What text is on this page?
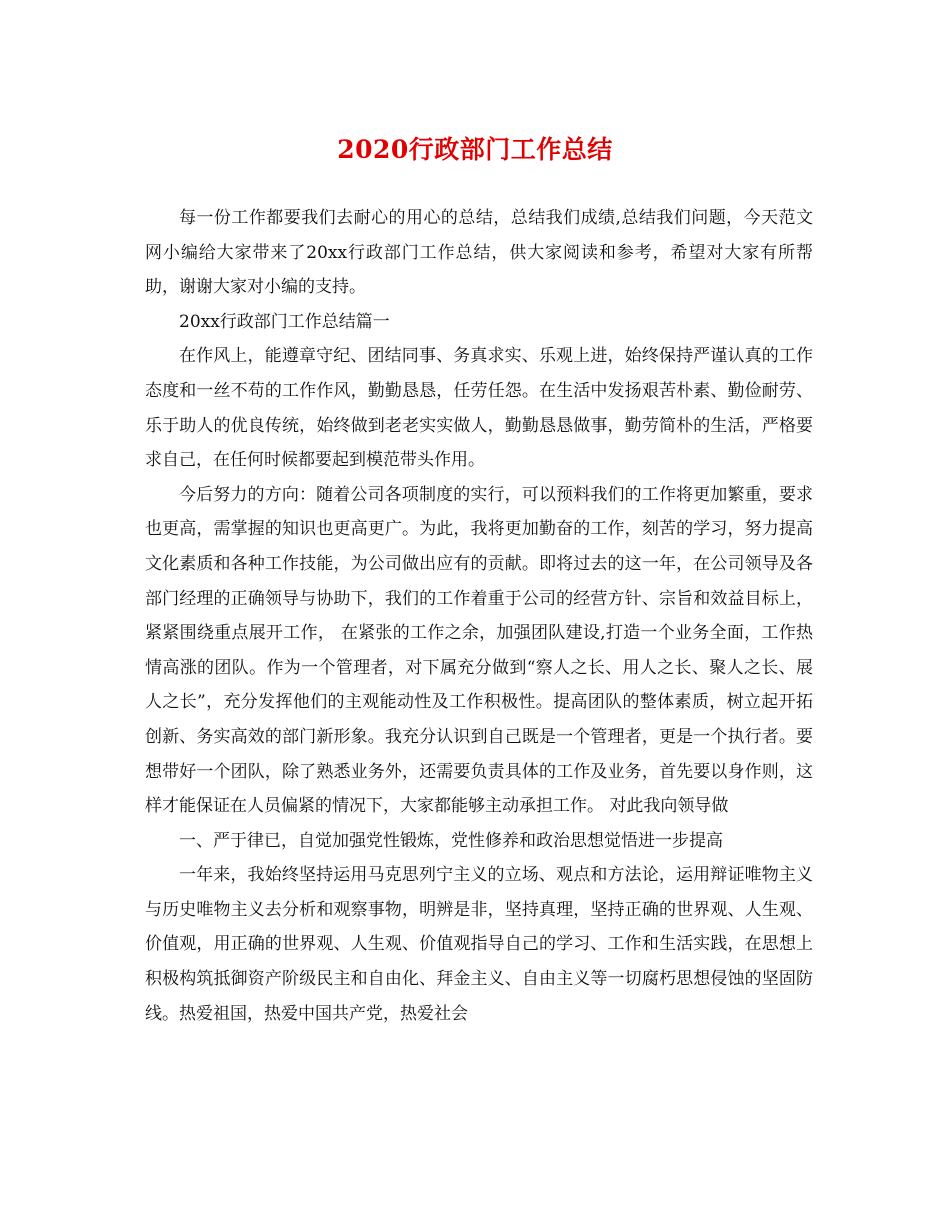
2020行政部门工作总结

每一份工作都要我们去耐心的用心的总结，总结我们成绩,总结我们问题，今天范文网小编给大家带来了20xx行政部门工作总结，供大家阅读和参考，希望对大家有所帮助，谢谢大家对小编的支持。

20xx行政部门工作总结篇一

在作风上，能遵章守纪、团结同事、务真求实、乐观上进，始终保持严谨认真的工作态度和一丝不苟的工作作风，勤勤恳恳，任劳任怨。在生活中发扬艰苦朴素、勤俭耐劳、乐于助人的优良传统，始终做到老老实实做人，勤勤恳恳做事，勤劳简朴的生活，严格要求自己，在任何时候都要起到模范带头作用。

今后努力的方向：随着公司各项制度的实行，可以预料我们的工作将更加繁重，要求也更高，需掌握的知识也更高更广。为此，我将更加勤奋的工作，刻苦的学习，努力提高文化素质和各种工作技能，为公司做出应有的贡献。即将过去的这一年，在公司领导及各部门经理的正确领导与协助下，我们的工作着重于公司的经营方针、宗旨和效益目标上，紧紧围绕重点展开工作， 在紧张的工作之余，加强团队建设,打造一个业务全面，工作热情高涨的团队。作为一个管理者，对下属充分做到“察人之长、用人之长、聚人之长、展人之长”，充分发挥他们的主观能动性及工作积极性。提高团队的整体素质，树立起开拓创新、务实高效的部门新形象。我充分认识到自己既是一个管理者，更是一个执行者。要想带好一个团队，除了熟悉业务外，还需要负责具体的工作及业务，首先要以身作则，这样才能保证在人员偏紧的情况下，大家都能够主动承担工作。 对此我向领导做

一、严于律已，自觉加强党性锻炼，党性修养和政治思想觉悟进一步提高

一年来，我始终坚持运用马克思列宁主义的立场、观点和方法论，运用辩证唯物主义与历史唯物主义去分析和观察事物，明辨是非，坚持真理，坚持正确的世界观、人生观、价值观，用正确的世界观、人生观、价值观指导自己的学习、工作和生活实践，在思想上积极构筑抵御资产阶级民主和自由化、拜金主义、自由主义等一切腐朽思想侵蚀的坚固防线。热爱祖国，热爱中国共产党，热爱社会
